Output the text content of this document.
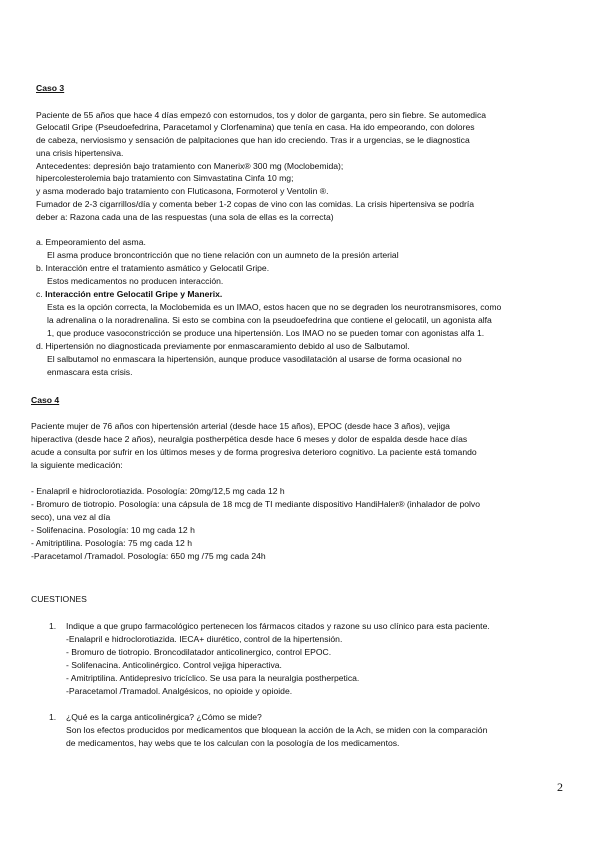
Caso 3
Paciente de 55 años que hace 4 días empezó con estornudos, tos y dolor de garganta, pero sin fiebre. Se automedica
Gelocatil Gripe (Pseudoefedrina, Paracetamol y Clorfenamina) que tenía en casa. Ha ido empeorando, con dolores
de cabeza, nerviosismo y sensación de palpitaciones que han ido creciendo. Tras ir a urgencias, se le diagnostica
una crisis hipertensiva.
Antecedentes: depresión bajo tratamiento con Manerix® 300 mg (Moclobemida);
hipercolesterolemia bajo tratamiento con Simvastatina Cinfa 10 mg;
y asma moderado bajo tratamiento con Fluticasona, Formoterol y Ventolin ®.
Fumador de 2-3 cigarrillos/día y comenta beber 1-2 copas de vino con las comidas. La crisis hipertensiva se podría
deber a: Razona cada una de las respuestas (una sola de ellas es la correcta)
a. Empeoramiento del asma.
El asma produce broncontricción que no tiene relación con un aumneto de la presión arterial
b. Interacción entre el tratamiento asmático y Gelocatil Gripe.
Estos medicamentos no producen interacción.
c. Interacción entre Gelocatil Gripe y Manerix.
Esta es la opción correcta, la Moclobemida es un IMAO, estos hacen que no se degraden los neurotransmisores, como
la adrenalina o la noradrenalina. Si esto se combina con la pseudoefedrina que contiene el gelocatil, un agonista alfa
1, que produce vasoconstricción se produce una hipertensión. Los IMAO no se pueden tomar con agonistas alfa 1.
d. Hipertensión no diagnosticada previamente por enmascaramiento debido al uso de Salbutamol.
El salbutamol no enmascara la hipertensión, aunque produce vasodilatación al usarse de forma ocasional no
enmascara esta crisis.
Caso 4
Paciente mujer de 76 años con hipertensión arterial (desde hace 15 años), EPOC (desde hace 3 años), vejiga
hiperactiva (desde hace 2 años), neuralgia postherpética desde hace 6 meses y dolor de espalda desde hace días
acude a consulta por sufrir en los últimos meses y de forma progresiva deterioro cognitivo. La paciente está tomando
la siguiente medicación:
- Enalapril e hidroclorotiazida. Posología: 20mg/12,5 mg cada 12 h
- Bromuro de tiotropio. Posología: una cápsula de 18 mcg de TI mediante dispositivo HandiHaler® (inhalador de polvo
seco), una vez al día
- Solifenacina. Posología: 10 mg cada 12 h
- Amitriptilina. Posología: 75 mg cada 12 h
-Paracetamol /Tramadol. Posología: 650 mg /75 mg cada 24h
CUESTIONES
1. Indique a que grupo farmacológico pertenecen los fármacos citados y razone su uso clínico para esta paciente.
-Enalapril e hidroclorotiazida. IECA+ diurético, control de la hipertensión.
- Bromuro de tiotropio. Broncodilatador anticolinergico, control EPOC.
- Solifenacina. Anticolinérgico. Control vejiga hiperactiva.
- Amitriptilina. Antidepresivo tricíclico. Se usa para la neuralgia postherpetica.
-Paracetamol /Tramadol. Analgésicos, no opioide y opioide.
1. ¿Qué es la carga anticolinérgica? ¿Cómo se mide?
Son los efectos producidos por medicamentos que bloquean la acción de la Ach, se miden con la comparación
de medicamentos, hay webs que te los calculan con la posología de los medicamentos.
2
